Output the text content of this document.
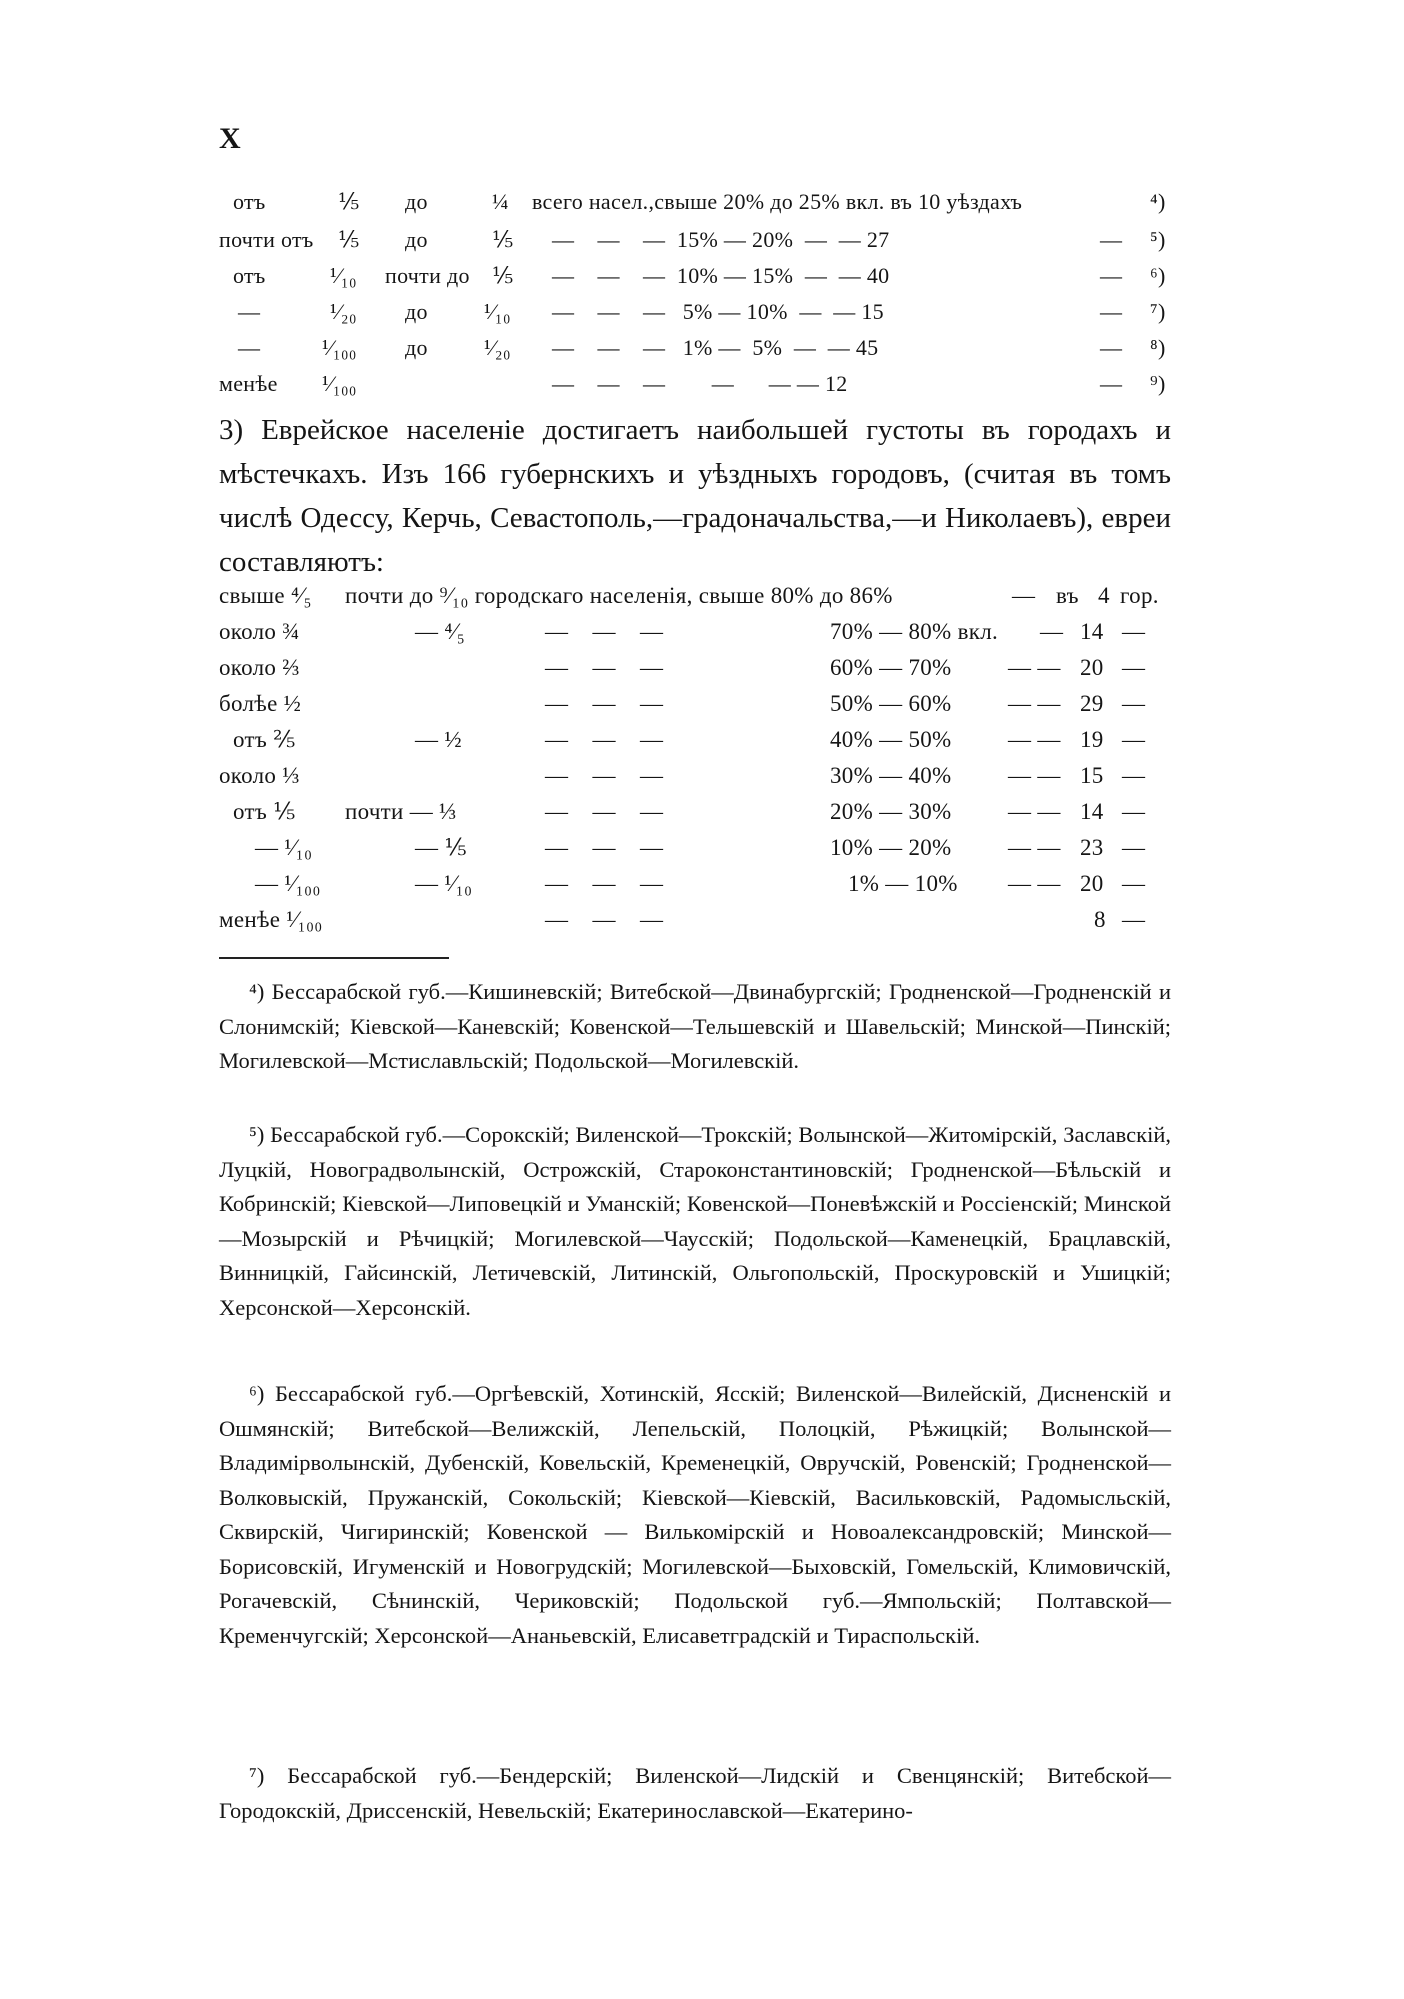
X
отъ	⅕ до	¼ всего насел.,свыше 20% до 25% вкл. въ 10 уѣздахъ	⁴)
почти отъ ⅕ до	⅕ —    —    —  15% — 20%  —  — 27	— ⁵)
отъ	¹⁄₁₀ почти до ⅕ —    —    —  10% — 15%  —  — 40	— ⁶)
—	¹⁄₂₀ до	¹⁄₁₀ —    —    —   5% — 10%  —  — 15	— ⁷)
—	¹⁄₁₀₀ до	¹⁄₂₀ —    —    —   1% —  5%  —  — 45	— ⁸)
менѣе ¹⁄₁₀₀	—    —    —        —      — — 12	— ⁹)

3) Еврейское населеніе достигаетъ наибольшей густоты въ городахъ и мѣстечкахъ. Изъ 166 губернскихъ и уѣздныхъ городовъ, (считая въ томъ числѣ Одессу, Керчь, Севастополь,—градоначальства,—и Николаевъ), евреи составляютъ:

свыше ⁴⁄₅ почти до ⁹⁄₁₀ городскаго населенія, свыше 80% до 86%	— въ 4 гор.
около ¾	— ⁴⁄₅	—    —    —	70% — 80% вкл. — 14 —
около ⅔	—    —    —	60% — 70% — — 20 —
болѣе ½	—    —    —	50% — 60% — — 29 —
отъ ⅖	— ½	—    —    —	40% — 50% — — 19 —
около ⅓	—    —    —	30% — 40% — — 15 —
отъ ⅕ почти — ⅓	—    —    —	20% — 30% — — 14 —
— ¹⁄₁₀	— ⅕	—    —    —	10% — 20% — — 23 —
— ¹⁄₁₀₀	— ¹⁄₁₀	—    —    —	1% — 10% — — 20 —
менѣе ¹⁄₁₀₀	—    —    —	8 —

⁴) Бессарабской губ.—Кишиневскій; Витебской—Двинабургскій; Гродненской—Гродненскій и Слонимскій; Кіевской—Каневскій; Ковенской—Тельшевскій и Шавельскій; Минской—Пинскій; Могилевской—Мстиславльскій; Подольской—Могилевскій.

⁵) Бессарабской губ.—Сорокскій; Виленской—Трокскій; Волынской—Житомірскій, Заславскій, Луцкій, Новоградволынскій, Острожскій, Староконстантиновскій; Гродненской—Бѣльскій и Кобринскій; Кіевской—Липовецкій и Уманскій; Ковенской—Поневѣжскій и Россіенскій; Минской—Мозырскій и Рѣчицкій; Могилевской—Чаусскій; Подольской—Каменецкій, Брацлавскій, Винницкій, Гайсинскій, Летичевскій, Литинскій, Ольгопольскій, Проскуровскій и Ушицкій; Херсонской—Херсонскій.

⁶) Бессарабской губ.—Оргѣевскій, Хотинскій, Ясскій; Виленской—Вилейскій, Дисненскій и Ошмянскій; Витебской—Велижскій, Лепельскій, Полоцкій, Рѣжицкій; Волынской—Владимірволынскій, Дубенскій, Ковельскій, Кременецкій, Овручскій, Ровенскій; Гродненской—Волковыскій, Пружанскій, Сокольскій; Кіевской—Кіевскій, Васильковскій, Радомысльскій, Сквирскій, Чигиринскій; Ковенской — Вилькомірскій и Новоалександровскій; Минской—Борисовскій, Игуменскій и Новогрудскій; Могилевской—Быховскій, Гомельскій, Климовичскій, Рогачевскій, Сѣнинскій, Чериковскій; Подольской губ.—Ямпольскій; Полтавской—Кременчугскій; Херсонской—Ананьевскій, Елисаветградскій и Тираспольскій.

⁷) Бессарабской губ.—Бендерскій; Виленской—Лидскій и Свенцянскій; Витебской—Городокскій, Дриссенскій, Невельскій; Екатеринославской—Екатерино-
